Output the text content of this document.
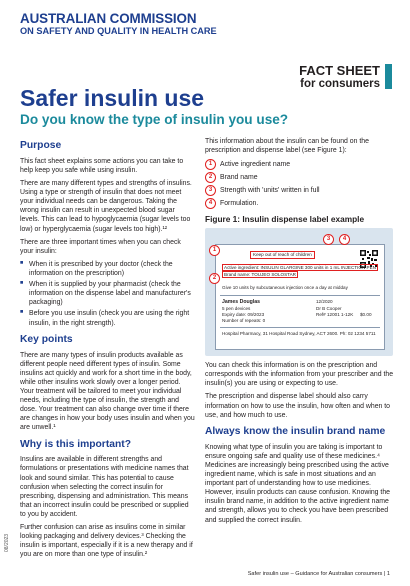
AUSTRALIAN COMMISSION
ON SAFETY AND QUALITY IN HEALTH CARE
FACT SHEET
for consumers
Safer insulin use
Do you know the type of insulin you use?
Purpose

This fact sheet explains some actions you can take to help keep you safe while using insulin.

There are many different types and strengths of insulins. Using a type or strength of insulin that does not meet your individual needs can be dangerous. Taking the wrong insulin can result in unexpected blood sugar levels. This can lead to hypoglycaemia (sugar levels too low) or hyperglycaemia (sugar levels too high).¹²

There are three important times when you can check your insulin:

■ When it is prescribed by your doctor (check the information on the prescription)
■ When it is supplied by your pharmacist (check the information on the dispense label and manufacturer's packaging)
■ Before you use insulin (check you are using the right insulin, in the right strength).
Key points

There are many types of insulin products available as different people need different types of insulin. Some insulins act quickly and work for a short time in the body, while other insulins work slowly over a longer period. Your treatment will be tailored to meet your individual needs, including the type of insulin, the strength and dose. Your treatment can also change over time if there are changes in how your body uses insulin and when you are unwell.¹

Why is this important?

Insulins are available in different strengths and formulations or presentations with medicine names that look and sound similar. This has potential to cause confusion when selecting the correct insulin for prescribing, dispensing and administration. This means that an incorrect insulin could be prescribed or supplied to you by accident.

Further confusion can arise as insulins come in similar looking packaging and delivery devices.³ Checking the insulin is important, especially if it is a new therapy and if you are on more than one type of insulin.²

This information about the insulin can be found on the prescription and dispense label (see Figure 1):

1	Active ingredient name
2	Brand name
3	Strength with 'units' written in full
4	Formulation.
Figure 1: Insulin dispense label example
Keep out of reach of children
Active ingredient: INSULIN GLARGINE 300 units in 1 mL INJECTION PEN
Brand name: TOUJEO SOLOSTAR
Give 10 units by subcutaneous injection once a day at midday
James Douglas	12/2020
5 pen devices	Dr B Cooper
Expiry date: 09/2023	Ref# 12001 1-12K $0.00
Number of repeats: 0
Hospital Pharmacy, 31 Hospital Road Sydney, ACT 2600. Ph: 02 1234 5711
1
2
3	4

You can check this information is on the prescription and corresponds with the information from your prescriber and the insulin(s) you are using or expecting to use.

The prescription and dispense label should also carry information on how to use the insulin, how often and when to use, and how much to use.

Always know the insulin brand name

Knowing what type of insulin you are taking is important to ensure ongoing safe and quality use of these medicines.⁴ Medicines are increasingly being prescribed using the active ingredient name, which is safe in most situations and an important part of understanding how to use medicines. However, insulin products can cause confusion. Knowing the insulin brand name, in addition to the active ingredient name and strength, allows you to check you have been prescribed and supplied the correct insulin.

08/2023
Safer insulin use – Guidance for Australian consumers | 1
